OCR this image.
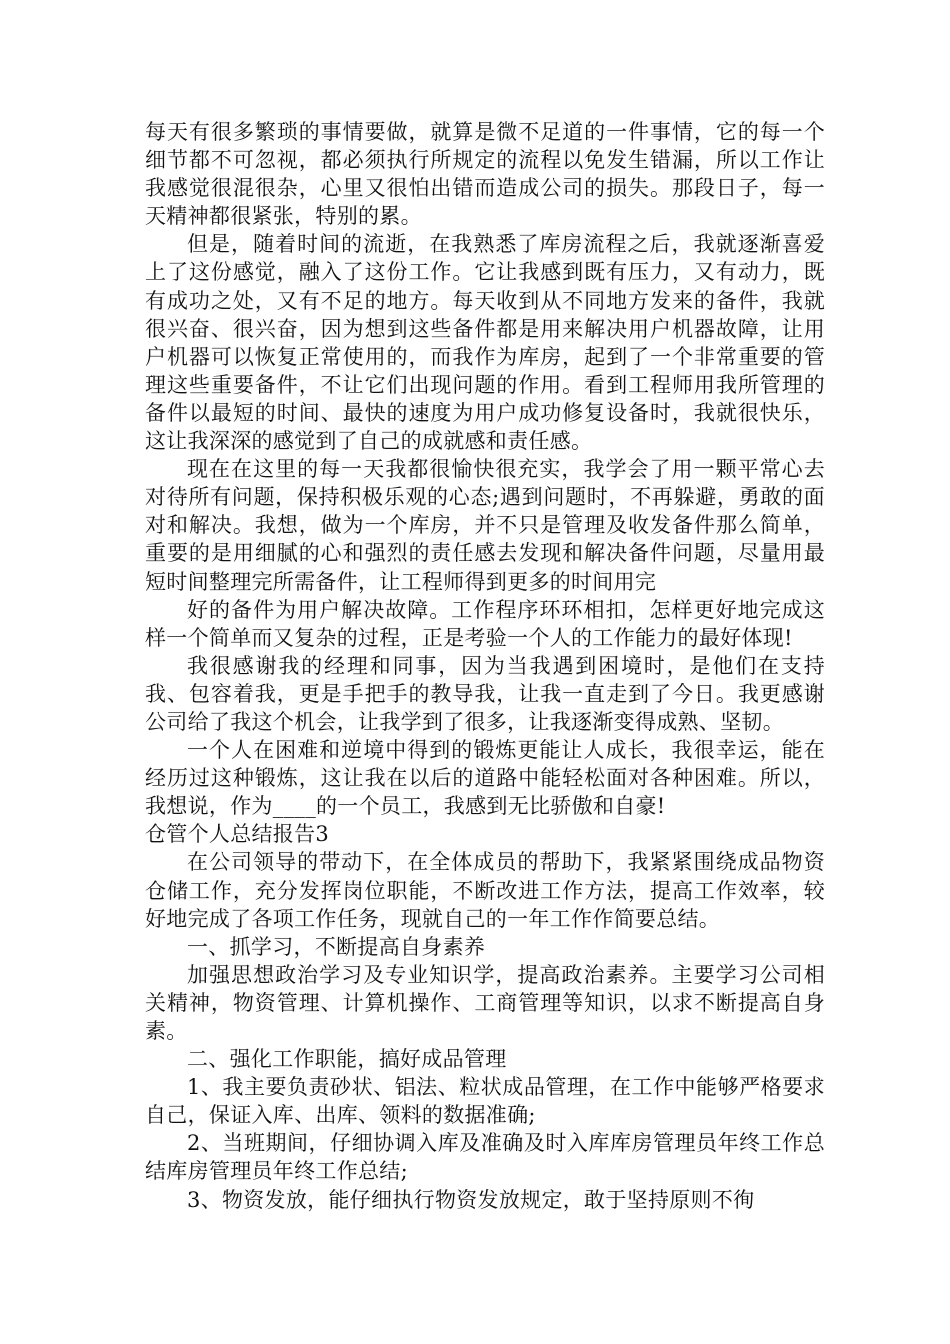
每天有很多繁琐的事情要做，就算是微不足道的一件事情，它的每一个细节都不可忽视，都必须执行所规定的流程以免发生错漏，所以工作让我感觉很混很杂，心里又很怕出错而造成公司的损失。那段日子，每一天精神都很紧张，特别的累。

但是，随着时间的流逝，在我熟悉了库房流程之后，我就逐渐喜爱上了这份感觉，融入了这份工作。它让我感到既有压力，又有动力，既有成功之处，又有不足的地方。每天收到从不同地方发来的备件，我就很兴奋、很兴奋，因为想到这些备件都是用来解决用户机器故障，让用户机器可以恢复正常使用的，而我作为库房，起到了一个非常重要的管理这些重要备件，不让它们出现问题的作用。看到工程师用我所管理的备件以最短的时间、最快的速度为用户成功修复设备时，我就很快乐，这让我深深的感觉到了自己的成就感和责任感。

现在在这里的每一天我都很愉快很充实，我学会了用一颗平常心去对待所有问题，保持积极乐观的心态;遇到问题时，不再躲避，勇敢的面对和解决。我想，做为一个库房，并不只是管理及收发备件那么简单，重要的是用细腻的心和强烈的责任感去发现和解决备件问题，尽量用最短时间整理完所需备件，让工程师得到更多的时间用完

好的备件为用户解决故障。工作程序环环相扣，怎样更好地完成这样一个简单而又复杂的过程，正是考验一个人的工作能力的最好体现!

我很感谢我的经理和同事，因为当我遇到困境时，是他们在支持我、包容着我，更是手把手的教导我，让我一直走到了今日。我更感谢公司给了我这个机会，让我学到了很多，让我逐渐变得成熟、坚韧。

一个人在困难和逆境中得到的锻炼更能让人成长，我很幸运，能在经历过这种锻炼，这让我在以后的道路中能轻松面对各种困难。所以，我想说，作为____的一个员工，我感到无比骄傲和自豪!

仓管个人总结报告3

在公司领导的带动下，在全体成员的帮助下，我紧紧围绕成品物资仓储工作，充分发挥岗位职能，不断改进工作方法，提高工作效率，较好地完成了各项工作任务，现就自己的一年工作作简要总结。

一、抓学习，不断提高自身素养

加强思想政治学习及专业知识学，提高政治素养。主要学习公司相关精神，物资管理、计算机操作、工商管理等知识，以求不断提高自身素。

二、强化工作职能，搞好成品管理

1、我主要负责砂状、铝法、粒状成品管理，在工作中能够严格要求自己，保证入库、出库、领料的数据准确;

2、当班期间，仔细协调入库及准确及时入库库房管理员年终工作总结库房管理员年终工作总结;

3、物资发放，能仔细执行物资发放规定，敢于坚持原则不徇
